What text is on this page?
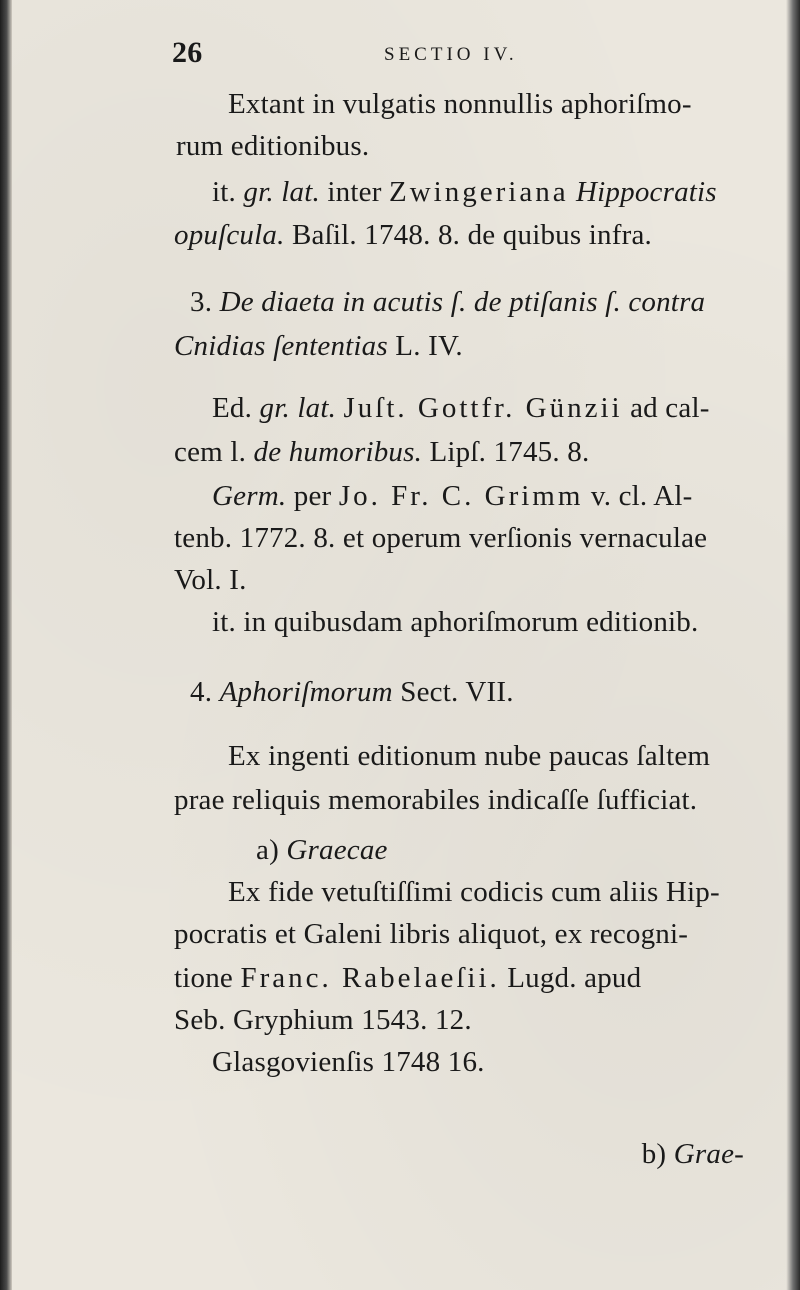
26	SECTIO IV.
Extant in vulgatis nonnullis aphoriſmo-
rum editionibus.
it. gr. lat. inter Zwingeriana Hippocratis
opuſcula. Baſil. 1748. 8. de quibus infra.
3. De diaeta in acutis ſ. de ptiſanis ſ. contra
Cnidias ſententias L. IV.
Ed. gr. lat. Juſt. Gottfr. Günzii ad cal-
cem l. de humoribus. Lipſ. 1745. 8.
Germ. per Jo. Fr. C. Grimm v. cl. Al-
tenb. 1772. 8. et operum verſionis vernaculae
Vol. I.
it. in quibusdam aphoriſmorum editionib.
4. Aphoriſmorum Sect. VII.
Ex ingenti editionum nube paucas ſaltem
prae reliquis memorabiles indicaſſe ſufficiat.
a) Graecae
Ex fide vetuſtiſſimi codicis cum aliis Hip-
pocratis et Galeni libris aliquot, ex recogni-
tione Franc. Rabelaeſii. Lugd. apud
Seb. Gryphium 1543. 12.
Glasgovienſis 1748 16.
b) Grae-
